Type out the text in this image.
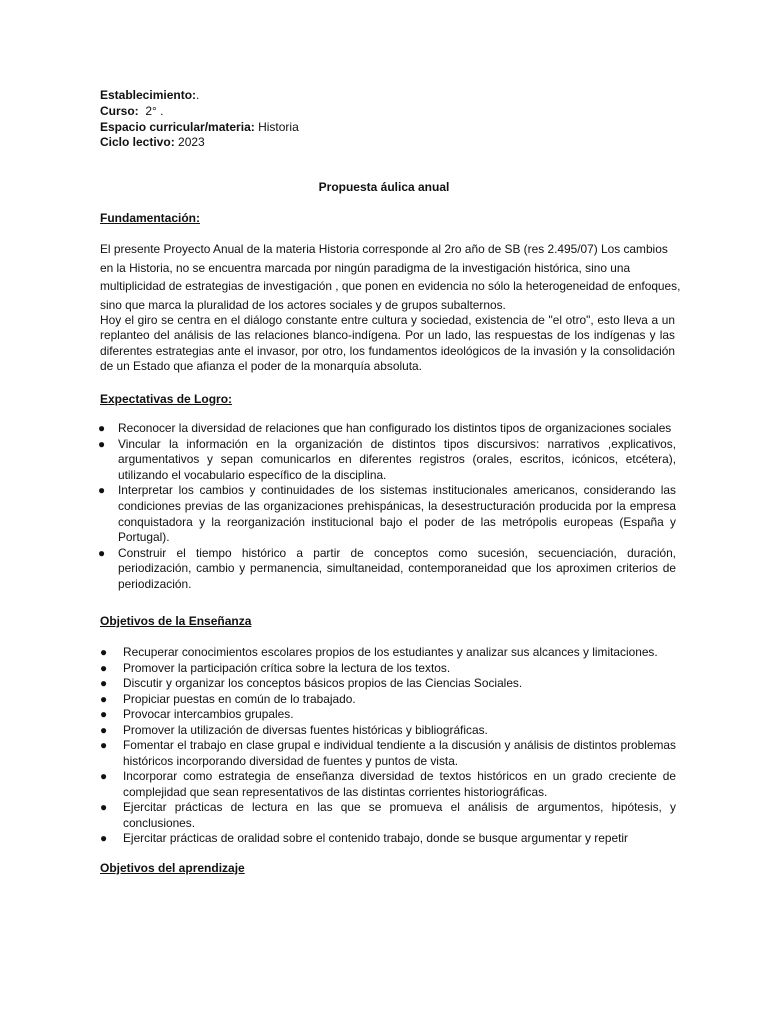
Establecimiento:.
Curso: 2° .
Espacio curricular/materia: Historia
Ciclo lectivo: 2023
Propuesta áulica anual
Fundamentación:
El presente Proyecto Anual de la materia Historia corresponde al 2ro año de SB (res 2.495/07) Los cambios
en la Historia, no se encuentra marcada por ningún paradigma de la investigación histórica, sino una
multiplicidad de estrategias de investigación , que ponen en evidencia no sólo la heterogeneidad de enfoques,
sino que marca la pluralidad de los actores sociales y de grupos subalternos.

Hoy el giro se centra en el diálogo constante entre cultura y sociedad, existencia de "el otro", esto lleva a un replanteo del análisis de las relaciones blanco-indígena. Por un lado, las respuestas de los indígenas y las diferentes estrategias ante el invasor, por otro, los fundamentos ideológicos de la invasión y la consolidación de un Estado que afianza el poder de la monarquía absoluta.

Expectativas de Logro:
● Reconocer la diversidad de relaciones que han configurado los distintos tipos de organizaciones sociales
● Vincular la información en la organización de distintos tipos discursivos: narrativos ,explicativos, argumentativos y sepan comunicarlos en diferentes registros (orales, escritos, icónicos, etcétera), utilizando el vocabulario específico de la disciplina.
● Interpretar los cambios y continuidades de los sistemas institucionales americanos, considerando las condiciones previas de las organizaciones prehispánicas, la desestructuración producida por la empresa conquistadora y la reorganización institucional bajo el poder de las metrópolis europeas (España y Portugal).
● Construir el tiempo histórico a partir de conceptos como sucesión, secuenciación, duración, periodización, cambio y permanencia, simultaneidad, contemporaneidad que los aproximen criterios de periodización.
Objetivos de la Enseñanza
● Recuperar conocimientos escolares propios de los estudiantes y analizar sus alcances y limitaciones.
● Promover la participación crítica sobre la lectura de los textos.
● Discutir y organizar los conceptos básicos propios de las Ciencias Sociales.
● Propiciar puestas en común de lo trabajado.
● Provocar intercambios grupales.
● Promover la utilización de diversas fuentes históricas y bibliográficas.
● Fomentar el trabajo en clase grupal e individual tendiente a la discusión y análisis de distintos problemas históricos incorporando diversidad de fuentes y puntos de vista.
● Incorporar como estrategia de enseñanza diversidad de textos históricos en un grado creciente de complejidad que sean representativos de las distintas corrientes historiográficas.
● Ejercitar prácticas de lectura en las que se promueva el análisis de argumentos, hipótesis, y conclusiones.
● Ejercitar prácticas de oralidad sobre el contenido trabajo, donde se busque argumentar y repetir
Objetivos del aprendizaje
